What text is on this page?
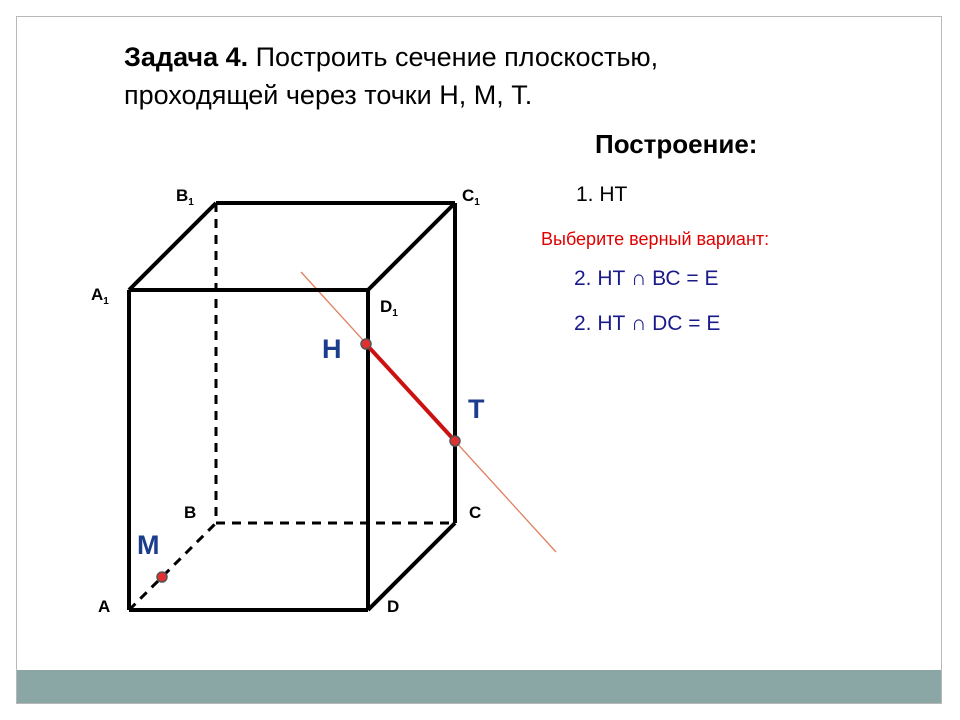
Задача 4. Построить сечение плоскостью,
проходящей через точки Н, М, Т.
Построение:
1. НТ
Выберите верный вариант:
2. НТ ∩ ВС = Е
2. НТ ∩ DC = Е
А	D
В	С
$В_1$	$С_1$
$А_1$	$D_1$
Н
Т
М
